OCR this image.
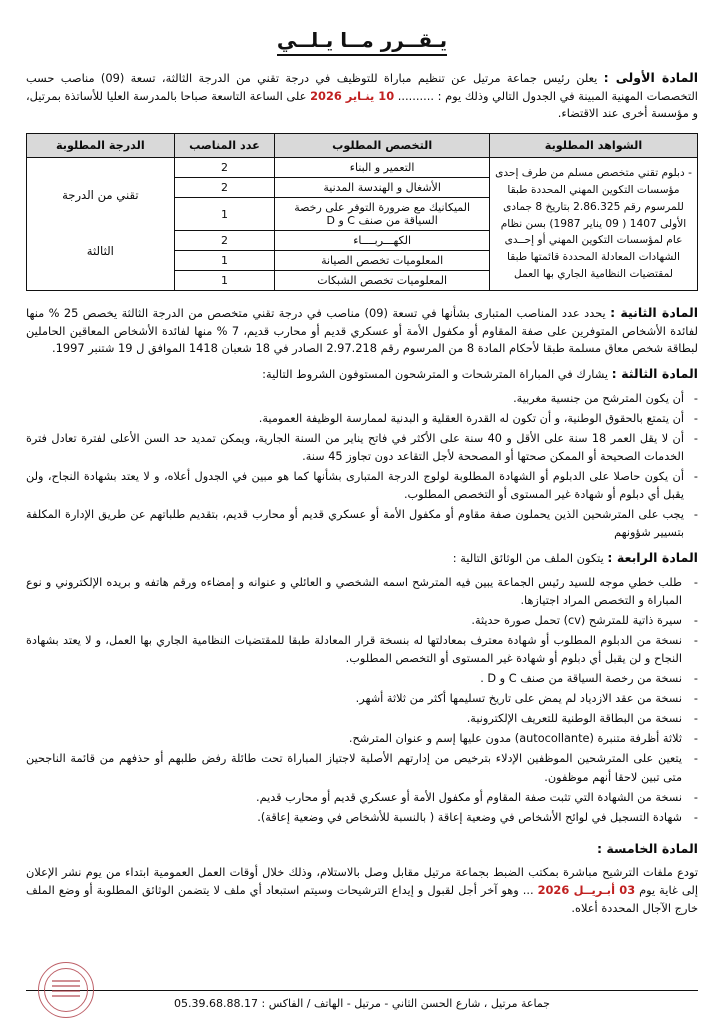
يـقــرر مــا يـلــي

المادة الأولى : يعلن رئيس جماعة مرتيل عن تنظيم مباراة للتوظيف في درجة تقني من الدرجة الثالثة، تسعة (09) مناصب حسب التخصصات المهنية المبينة في الجدول التالي وذلك يوم : .......... 10 ينـاير 2026 على الساعة التاسعة صباحا بالمدرسة العليا للأساتذة بمرتيل، و مؤسسة أخرى عند الاقتضاء.

الشواهد المطلوبة	التخصص المطلوب	عدد المناصب	الدرجة المطلوبة
- دبلوم تقني متخصص مسلم من طرف إحدى مؤسسات التكوين المهني المحددة طبقا للمرسوم رقم 2.86.325 بتاريخ 8 جمادى الأولى 1407 ( 09 يناير 1987) بسن نظام عام لمؤسسات التكوين المهني أو إحــدى الشهادات المعادلة المحددة قائمتها طبقا لمقتضيات النظامية الجاري بها العمل	التعمير و البناء	2	تقني من الدرجة

الثالثة
	الأشغال و الهندسة المدنية	2	
	الميكانيك مع ضرورة التوفر على رخصة السياقة من صنف C و D	1	
	الكهـــربــــاء	2	
	المعلوميات تخصص الصيانة	1	
	المعلوميات تخصص الشبكات	1	

المادة الثانية : يحدد عدد المناصب المتبارى بشأنها في تسعة (09) مناصب في درجة تقني متخصص من الدرجة الثالثة يخصص 25 % منها لفائدة الأشخاص المتوفرين على صفة المقاوم أو مكفول الأمة أو عسكري قديم أو محارب قديم، 7 % منها لفائدة الأشخاص المعاقين الحاملين لبطاقة شخص معاق مسلمة طبقا لأحكام المادة 8 من المرسوم رقم 2.97.218 الصادر في 18 شعبان 1418 الموافق ل 19 شتنبر 1997.

المادة الثالثة : يشارك في المباراة المترشحات و المترشحون المستوفون الشروط التالية:

-
أن يكون المترشح من جنسية مغربية.
-
أن يتمتع بالحقوق الوطنية، و أن تكون له القدرة العقلية و البدنية لممارسة الوظيفة العمومية.
-
أن لا يقل العمر 18 سنة على الأقل و 40 سنة على الأكثر في فاتح يناير من السنة الجارية، ويمكن تمديد حد السن الأعلى لفترة تعادل فترة الخدمات الصحيحة أو الممكن صحتها أو المصححة لأجل التقاعد دون تجاوز 45 سنة.
-
أن يكون حاصلا على الدبلوم أو الشهادة المطلوبة لولوج الدرجة المتبارى بشأنها كما هو مبين في الجدول أعلاه، و لا يعتد بشهادة النجاح، ولن يقبل أي دبلوم أو شهادة غير المستوى أو التخصص المطلوب.
-
يجب على المترشحين الذين يحملون صفة مقاوم أو مكفول الأمة أو عسكري قديم أو محارب قديم، بتقديم طلباتهم عن طريق الإدارة المكلفة بتسيير شؤونهم

المادة الرابعة : يتكون الملف من الوثائق التالية :

-
طلب خطي موجه للسيد رئيس الجماعة يبين فيه المترشح اسمه الشخصي و العائلي و عنوانه و إمضاءه ورقم هاتفه و بريده الإلكتروني و نوع المباراة و التخصص المراد اجتيازها.
-
سيرة ذاتية للمترشح (cv) تحمل صورة حديثة.
-
نسخة من الدبلوم المطلوب أو شهادة معترف بمعادلتها له بنسخة قرار المعادلة طبقا للمقتضيات النظامية الجاري بها العمل، و لا يعتد بشهادة النجاح و لن يقبل أي دبلوم أو شهادة غير المستوى أو التخصص المطلوب.
-
نسخة من رخصة السياقة من صنف C و D .
-
نسخة من عقد الازدياد لم يمض على تاريخ تسليمها أكثر من ثلاثة أشهر.
-
نسخة من البطاقة الوطنية للتعريف الإلكترونية.
-
ثلاثة أظرفة متنبرة (autocollante) مدون عليها إسم و عنوان المترشح.
-
يتعين على المترشحين الموظفين الإدلاء بترخيص من إدارتهم الأصلية لاجتياز المباراة تحت طائلة رفض طلبهم أو حذفهم من قائمة الناجحين متى تبين لاحقا أنهم موظفون.
-
نسخة من الشهادة التي تثبت صفة المقاوم أو مكفول الأمة أو عسكري قديم أو محارب قديم.
-
شهادة التسجيل في لوائح الأشخاص في وضعية إعاقة ( بالنسبة للأشخاص في وضعية إعاقة).

المادة الخامسة :

تودع ملفات الترشيح مباشرة بمكتب الضبط بجماعة مرتيل مقابل وصل بالاستلام، وذلك خلال أوقات العمل العمومية ابتداء من يوم نشر الإعلان إلى غاية يوم 03 أبـريــل 2026 ... وهو آخر أجل لقبول و إيداع الترشيحات وسيتم استبعاد أي ملف لا يتضمن الوثائق المطلوبة أو وضع الملف خارج الآجال المحددة أعلاه.

جماعة مرتيل ، شارع الحسن الثاني - مرتيل - الهاتف / الفاكس : 05.39.68.88.17
